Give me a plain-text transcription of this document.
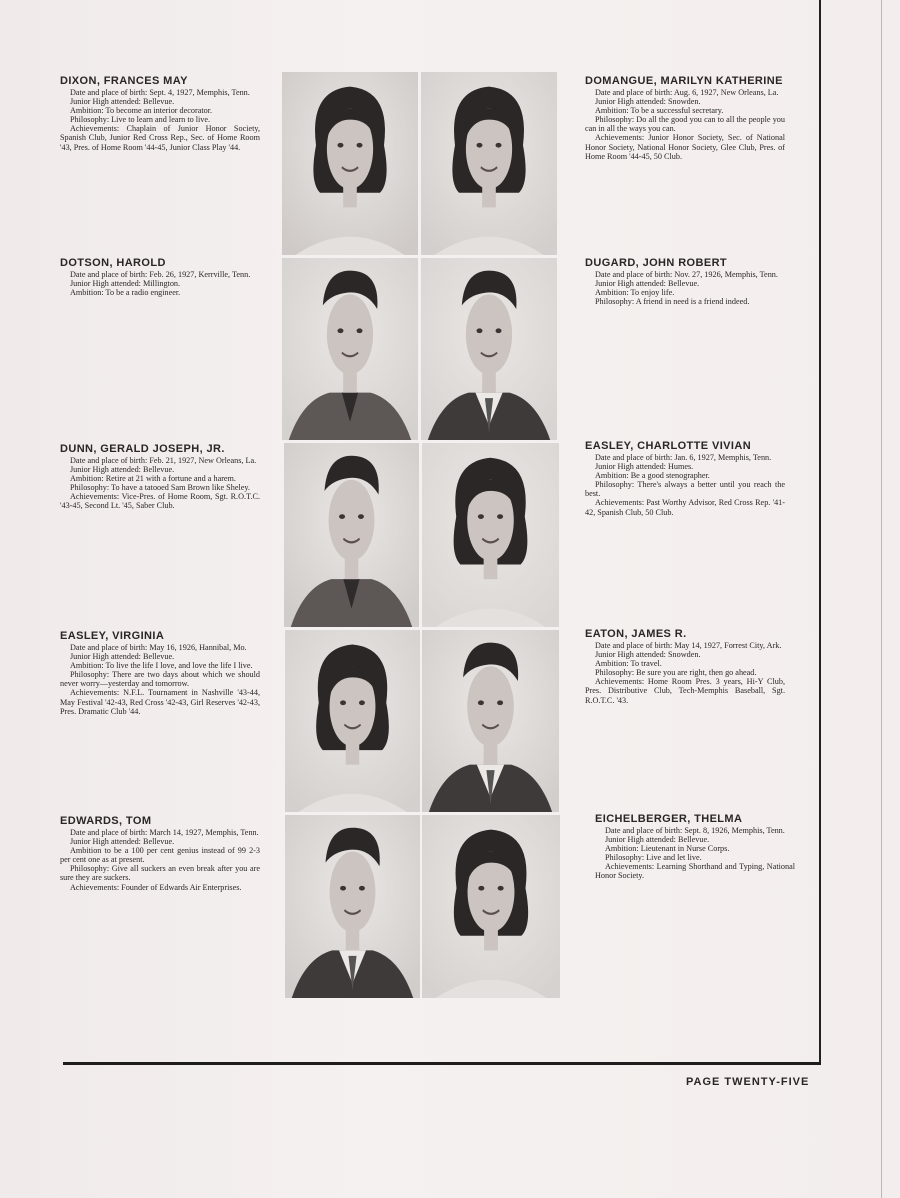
DIXON, FRANCES MAY
Date and place of birth: Sept. 4, 1927, Memphis, Tenn.
Junior High attended: Bellevue.
Ambition: To become an interior decorator.
Philosophy: Live to learn and learn to live.
Achievements: Chaplain of Junior Honor Society, Spanish Club, Junior Red Cross Rep., Sec. of Home Room '43, Pres. of Home Room '44-45, Junior Class Play '44.
DOTSON, HAROLD
Date and place of birth: Feb. 26, 1927, Kerrville, Tenn.
Junior High attended: Millington.
Ambition: To be a radio engineer.
DUNN, GERALD JOSEPH, JR.
Date and place of birth: Feb. 21, 1927, New Orleans, La.
Junior High attended: Bellevue.
Ambition: Retire at 21 with a fortune and a harem.
Philosophy: To have a tatooed Sam Brown like Sheley.
Achievements: Vice-Pres. of Home Room, Sgt. R.O.T.C. '43-45, Second Lt. '45, Saber Club.
EASLEY, VIRGINIA
Date and place of birth: May 16, 1926, Hannibal, Mo.
Junior High attended: Bellevue.
Ambition: To live the life I love, and love the life I live.
Philosophy: There are two days about which we should never worry—yesterday and tomorrow.
Achievements: N.F.L. Tournament in Nashville '43-44, May Festival '42-43, Red Cross '42-43, Girl Reserves '42-43, Pres. Dramatic Club '44.
EDWARDS, TOM
Date and place of birth: March 14, 1927, Memphis, Tenn.
Junior High attended: Bellevue.
Ambition to be a 100 per cent genius instead of 99 2-3 per cent one as at present.
Philosophy: Give all suckers an even break after you are sure they are suckers.
Achievements: Founder of Edwards Air Enterprises.
DOMANGUE, MARILYN KATHERINE
Date and place of birth: Aug. 6, 1927, New Orleans, La.
Junior High attended: Snowden.
Ambition: To be a successful secretary.
Philosophy: Do all the good you can to all the people you can in all the ways you can.
Achievements: Junior Honor Society, Sec. of National Honor Society, National Honor Society, Glee Club, Pres. of Home Room '44-45, 50 Club.
DUGARD, JOHN ROBERT
Date and place of birth: Nov. 27, 1926, Memphis, Tenn.
Junior High attended: Bellevue.
Ambition: To enjoy life.
Philosophy: A friend in need is a friend indeed.
EASLEY, CHARLOTTE VIVIAN
Date and place of birth: Jan. 6, 1927, Memphis, Tenn.
Junior High attended: Humes.
Ambition: Be a good stenographer.
Philosophy: There's always a better until you reach the best.
Achievements: Past Worthy Advisor, Red Cross Rep. '41-42, Spanish Club, 50 Club.
EATON, JAMES R.
Date and place of birth: May 14, 1927, Forrest City, Ark.
Junior High attended: Snowden.
Ambition: To travel.
Philosophy: Be sure you are right, then go ahead.
Achievements: Home Room Pres. 3 years, Hi-Y Club, Pres. Distributive Club, Tech-Memphis Baseball, Sgt. R.O.T.C. '43.
EICHELBERGER, THELMA
Date and place of birth: Sept. 8, 1926, Memphis, Tenn.
Junior High attended: Bellevue.
Ambition: Lieutenant in Nurse Corps.
Philosophy: Live and let live.
Achievements: Learning Shorthand and Typing, National Honor Society.
PAGE TWENTY-FIVE
